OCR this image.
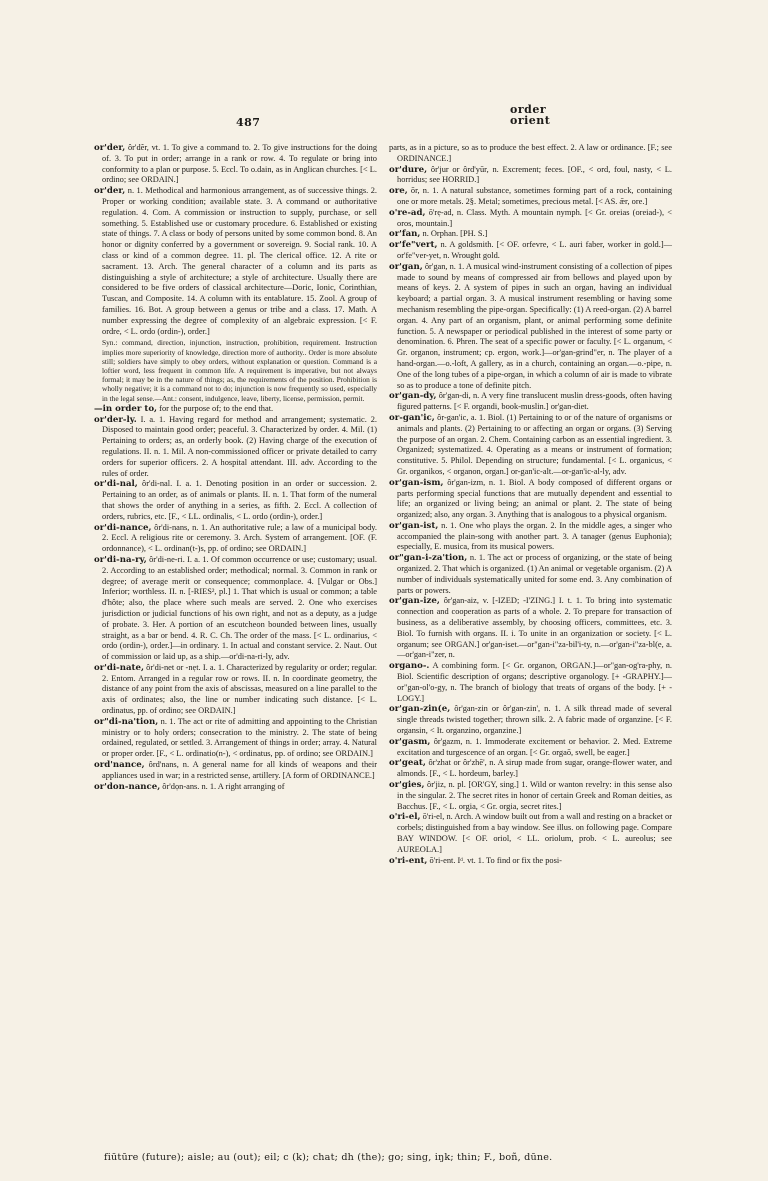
487
order
orient
or'der, ôr'dẽr, vt. 1. To give a command to. 2. To give instructions for the doing of. 3. To put in order; arrange in a rank or row. 4. To regulate or bring into conformity to a plan or purpose. 5. Eccl. To o.dain, as in Anglican churches. [< L. ordino; see ORDAIN.]
or'der, n. 1. Methodical and harmonious arrangement, as of successive things. 2. Proper or working condition; available state. 3. A command or authoritative regulation. 4. Com. A commission or instruction to supply, purchase, or sell something. 5. Established use or customary procedure. 6. Established or existing state of things. 7. A class or body of persons united by some common bond. 8. An honor or dignity conferred by a government or sovereign. 9. Social rank. 10. A class or kind of a common degree. 11. pl. The clerical office. 12. A rite or sacrament. 13. Arch. The general character of a column and its parts as distinguishing a style of architecture; a style of architecture. Usually there are considered to be five orders of classical architecture—Doric, Ionic, Corinthian, Tuscan, and Composite. 14. A column with its entablature. 15. Zool. A group of families. 16. Bot. A group between a genus or tribe and a class. 17. Math. A number expressing the degree of complexity of an algebraic expression. [< F. ordre, < L. ordo (ordin-), order.]
Syn.: command, direction, injunction, instruction, prohibition, requirement. Instruction implies more superiority of knowledge, direction more of authority.. Order is more absolute still; soldiers have simply to obey orders, without explanation or question. Command is a loftier word, less frequent in common life. A requirement is imperative, but not always formal; it may be in the nature of things; as, the requirements of the position. Prohibition is wholly negative; it is a command not to do; injunction is now frequently so used, especially in the legal sense.—Ant.: consent, indulgence, leave, liberty, license, permission, permit.
—in order to, for the purpose of; to the end that.
or'der-ly. I. a. 1. Having regard for method and arrangement; systematic. 2. Disposed to maintain good order; peaceful. 3. Characterized by order. 4. Mil. (1) Pertaining to orders; as, an orderly book. (2) Having charge of the execution of regulations. II. n. 1. Mil. A non-commissioned officer or private detailed to carry orders for superior officers. 2. A hospital attendant. III. adv. According to the rules of order.
or'di-nal, ôr'di-nal. I. a. 1. Denoting position in an order or succession. 2. Pertaining to an order, as of animals or plants. II. n. 1. That form of the numeral that shows the order of anything in a series, as fifth. 2. Eccl. A collection of orders, rubrics, etc. [F., < LL. ordinalis, < L. ordo (ordin-), order.]
or'di-nance, ôr'di-nans, n. 1. An authoritative rule; a law of a municipal body. 2. Eccl. A religious rite or ceremony. 3. Arch. System of arrangement. [OF. (F. ordonnance), < L. ordinan(t-)s, pp. of ordino; see ORDAIN.]
or'di-na-ry, ôr'di-ne-ri. I. a. 1. Of common occurrence or use; customary; usual. 2. According to an established order; methodical; normal. 3. Common in rank or degree; of average merit or consequence; commonplace. 4. [Vulgar or Obs.] Inferior; worthless. II. n. [-RIES², pl.] 1. That which is usual or common; a table d'hôte; also, the place where such meals are served. 2. One who exercises jurisdiction or judicial functions of his own right, and not as a deputy, as a judge of probate. 3. Her. A portion of an escutcheon bounded between lines, usually straight, as a bar or bend. 4. R. C. Ch. The order of the mass. [< L. ordinarius, < ordo (ordin-), order.]—in ordinary. 1. In actual and constant service. 2. Naut. Out of commission or laid up, as a ship.—or'di-na-ri-ly, adv.
or'di-nate, ôr'di-net or -nẹt. I. a. 1. Characterized by regularity or order; regular. 2. Entom. Arranged in a regular row or rows. II. n. In coordinate geometry, the distance of any point from the axis of abscissas, measured on a line parallel to the axis of ordinates; also, the line or number indicating such distance. [< L. ordinatus, pp. of ordino; see ORDAIN.]
or"di-na'tion, n. 1. The act or rite of admitting and appointing to the Christian ministry or to holy orders; consecration to the ministry. 2. The state of being ordained, regulated, or settled. 3. Arrangement of things in order; array. 4. Natural or proper order. [F., < L. ordinatio(n-), < ordinatus, pp. of ordino; see ORDAIN.]
ord'nance, ôrd'nans, n. A general name for all kinds of weapons and their appliances used in war; in a restricted sense, artillery. [A form of ORDINANCE.]
or'don-nance, ôr'dọn-ans. n. 1. A right arranging of
parts, as in a picture, so as to produce the best effect. 2. A law or ordinance. [F.; see ORDINANCE.]
or'dure, ôr'jur or ôrd'yūr, n. Excrement; feces. [OF., < ord, foul, nasty, < L. horridus; see HORRID.]
ore, ōr, n. 1. A natural substance, sometimes forming part of a rock, containing one or more metals. 2§. Metal; sometimes, precious metal. [< AS. ǣr, ore.]
o're-ad, ō'rẹ-ad, n. Class. Myth. A mountain nymph. [< Gr. oreias (oreiad-), < oros, mountain.]
or'fan, n. Orphan. [PH. S.]
or'fe"vert, n. A goldsmith. [< OF. orfevre, < L. auri faber, worker in gold.]—or'fe"ver-yet, n. Wrought gold.
or'gan, ôr'gan, n. 1. A musical wind-instrument consisting of a collection of pipes made to sound by means of compressed air from bellows and played upon by means of keys. 2. A system of pipes in such an organ, having an individual keyboard; a partial organ. 3. A musical instrument resembling or having some mechanism resembling the pipe-organ. Specifically: (1) A reed-organ. (2) A barrel organ. 4. Any part of an organism, plant, or animal performing some definite function. 5. A newspaper or periodical published in the interest of some party or denomination. 6. Phren. The seat of a specific power or faculty. [< L. organum, < Gr. organon, instrument; cp. ergon, work.]—or'gan-grind"er, n. The player of a hand-organ.—o.-loft, A gallery, as in a church, containing an organ.—o.-pipe, n. One of the long tubes of a pipe-organ, in which a column of air is made to vibrate so as to produce a tone of definite pitch.
or'gan-dy, ôr'gan-di, n. A very fine translucent muslin dress-goods, often having figured patterns. [< F. organdi, book-muslin.] or'gan-diet.
or-gan'ic, ôr-gan'ic, a. 1. Biol. (1) Pertaining to or of the nature of organisms or animals and plants. (2) Pertaining to or affecting an organ or organs. (3) Serving the purpose of an organ. 2. Chem. Containing carbon as an essential ingredient. 3. Organized; systematized. 4. Operating as a means or instrument of formation; constitutive. 5. Philol. Depending on structure; fundamental. [< L. organicus, < Gr. organikos, < organon, organ.] or-gan'ic-alt.—or-gan'ic-al-ly, adv.
or'gan-ism, ôr'gan-izm, n. 1. Biol. A body composed of different organs or parts performing special functions that are mutually dependent and essential to life; an organized or living being; an animal or plant. 2. The state of being organized; also, any organ. 3. Anything that is analogous to a physical organism.
or'gan-ist, n. 1. One who plays the organ. 2. In the middle ages, a singer who accompanied the plain-song with another part. 3. A tanager (genus Euphonia); especially, E. musica, from its musical powers.
or"gan-i-za'tion, n. 1. The act or process of organizing, or the state of being organized. 2. That which is organized. (1) An animal or vegetable organism. (2) A number of individuals systematically united for some end. 3. Any combination of parts or powers.
or'gan-ize, ôr'gan-aiz, v. [-IZED; -I'ZING.] I. t. 1. To bring into systematic connection and cooperation as parts of a whole. 2. To prepare for transaction of business, as a deliberative assembly, by choosing officers, committees, etc. 3. Biol. To furnish with organs. II. i. To unite in an organization or society. [< L. organum; see ORGAN.] or'gan-iset.—or"gan-i"za-bil'i-ty, n.—or'gan-i"za-bl(e, a.—or'gan-i"zer, n.
organo-. A combining form. [< Gr. organon, ORGAN.]—or"gan-og'ra-phy, n. Biol. Scientific description of organs; descriptive organology. [+ -GRAPHY.]—or"gan-ol'o-gy, n. The branch of biology that treats of organs of the body. [+ -LOGY.]
or'gan-zin(e, ôr'gan-zin or ôr'gan-zin', n. 1. A silk thread made of several single threads twisted together; thrown silk. 2. A fabric made of organzine. [< F. organsin, < It. organzino, organzine.]
or'gasm, ôr'gazm, n. 1. Immoderate excitement or behavior. 2. Med. Extreme excitation and turgescence of an organ. [< Gr. orgaō, swell, be eager.]
or'geat, ôr'zhat or ôr'zhē', n. A sirup made from sugar, orange-flower water, and almonds. [F., < L. hordeum, barley.]
or'gies, ôr'jiz, n. pl. [OR'GY, sing.] 1. Wild or wanton revelry: in this sense also in the singular. 2. The secret rites in honor of certain Greek and Roman deities, as Bacchus. [F., < L. orgia, < Gr. orgia, secret rites.]
o'ri-el, ō'ri-el, n. Arch. A window built out from a wall and resting on a bracket or corbels; distinguished from a bay window. See illus. on following page. Compare BAY WINDOW. [< OF. oriol, < LL. oriolum, prob. < L. aureolus; see AUREOLA.]
o'ri-ent, ō'ri-ent. Iᵈ. vt. 1. To find or fix the posi-
fiūtūre (future); aisle; au (out); eil; c (k); chat; dh (the); go; sing, iŋk; thin; F., boñ, dūne.
